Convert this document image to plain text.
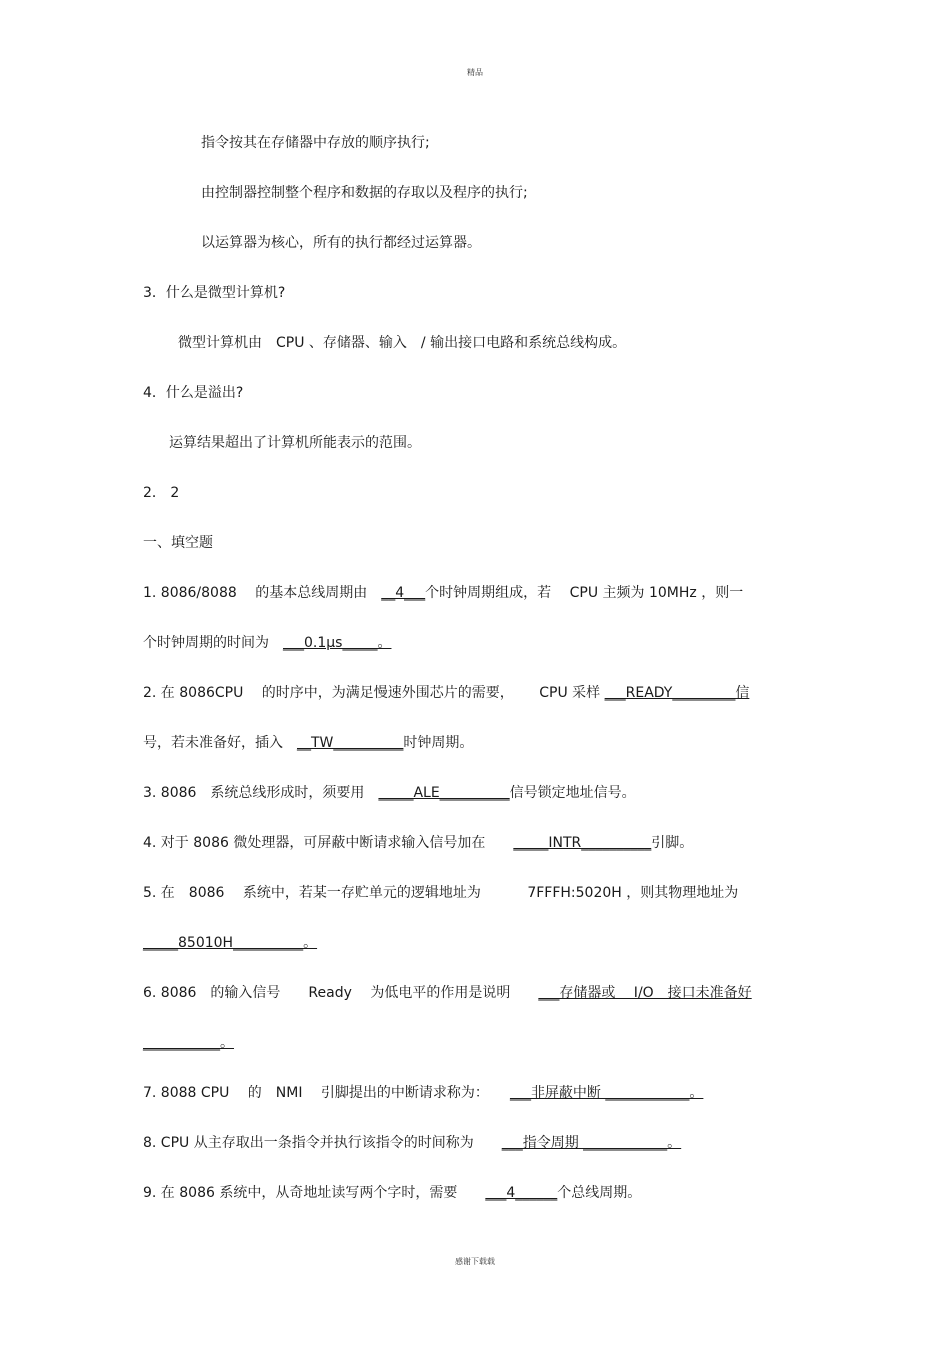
精品
指令按其在存储器中存放的顺序执行;
由控制器控制整个程序和数据的存取以及程序的执行;
以运算器为核心，所有的执行都经过运算器。
3．什么是微型计算机?
微型计算机由　CPU 、存储器、输入　/ 输出接口电路和系统总线构成。
4．什么是溢出?
运算结果超出了计算机所能表示的范围。
2． 2
一、填空题
1. 8086/8088　 的基本总线周期由　__4___个时钟周期组成，若　 CPU 主频为 10MHz ，则一
个时钟周期的时间为　___0.1μs_____。
2. 在 8086CPU　 的时序中，为满足慢速外围芯片的需要，　　 CPU 采样 ___READY_________信
号，若未准备好，插入　__TW__________时钟周期。
3. 8086　系统总线形成时，须要用　_____ALE__________信号锁定地址信号。
4. 对于 8086 微处理器，可屏蔽中断请求输入信号加在　　_____INTR__________引脚。
5. 在　8086　 系统中，若某一存贮单元的逻辑地址为　　　 7FFFH:5020H ，则其物理地址为
_____85010H__________。
6. 8086　的输入信号　　Ready　 为低电平的作用是说明　　___存储器或　 I/O　接口未准备好
___________。
7. 8088 CPU　 的　NMI　 引脚提出的中断请求称为：　　___非屏蔽中断 ____________。
8. CPU 从主存取出一条指令并执行该指令的时间称为　　___指令周期 ____________。
9. 在 8086 系统中，从奇地址读写两个字时，需要　　___4______个总线周期。
感谢下载载
